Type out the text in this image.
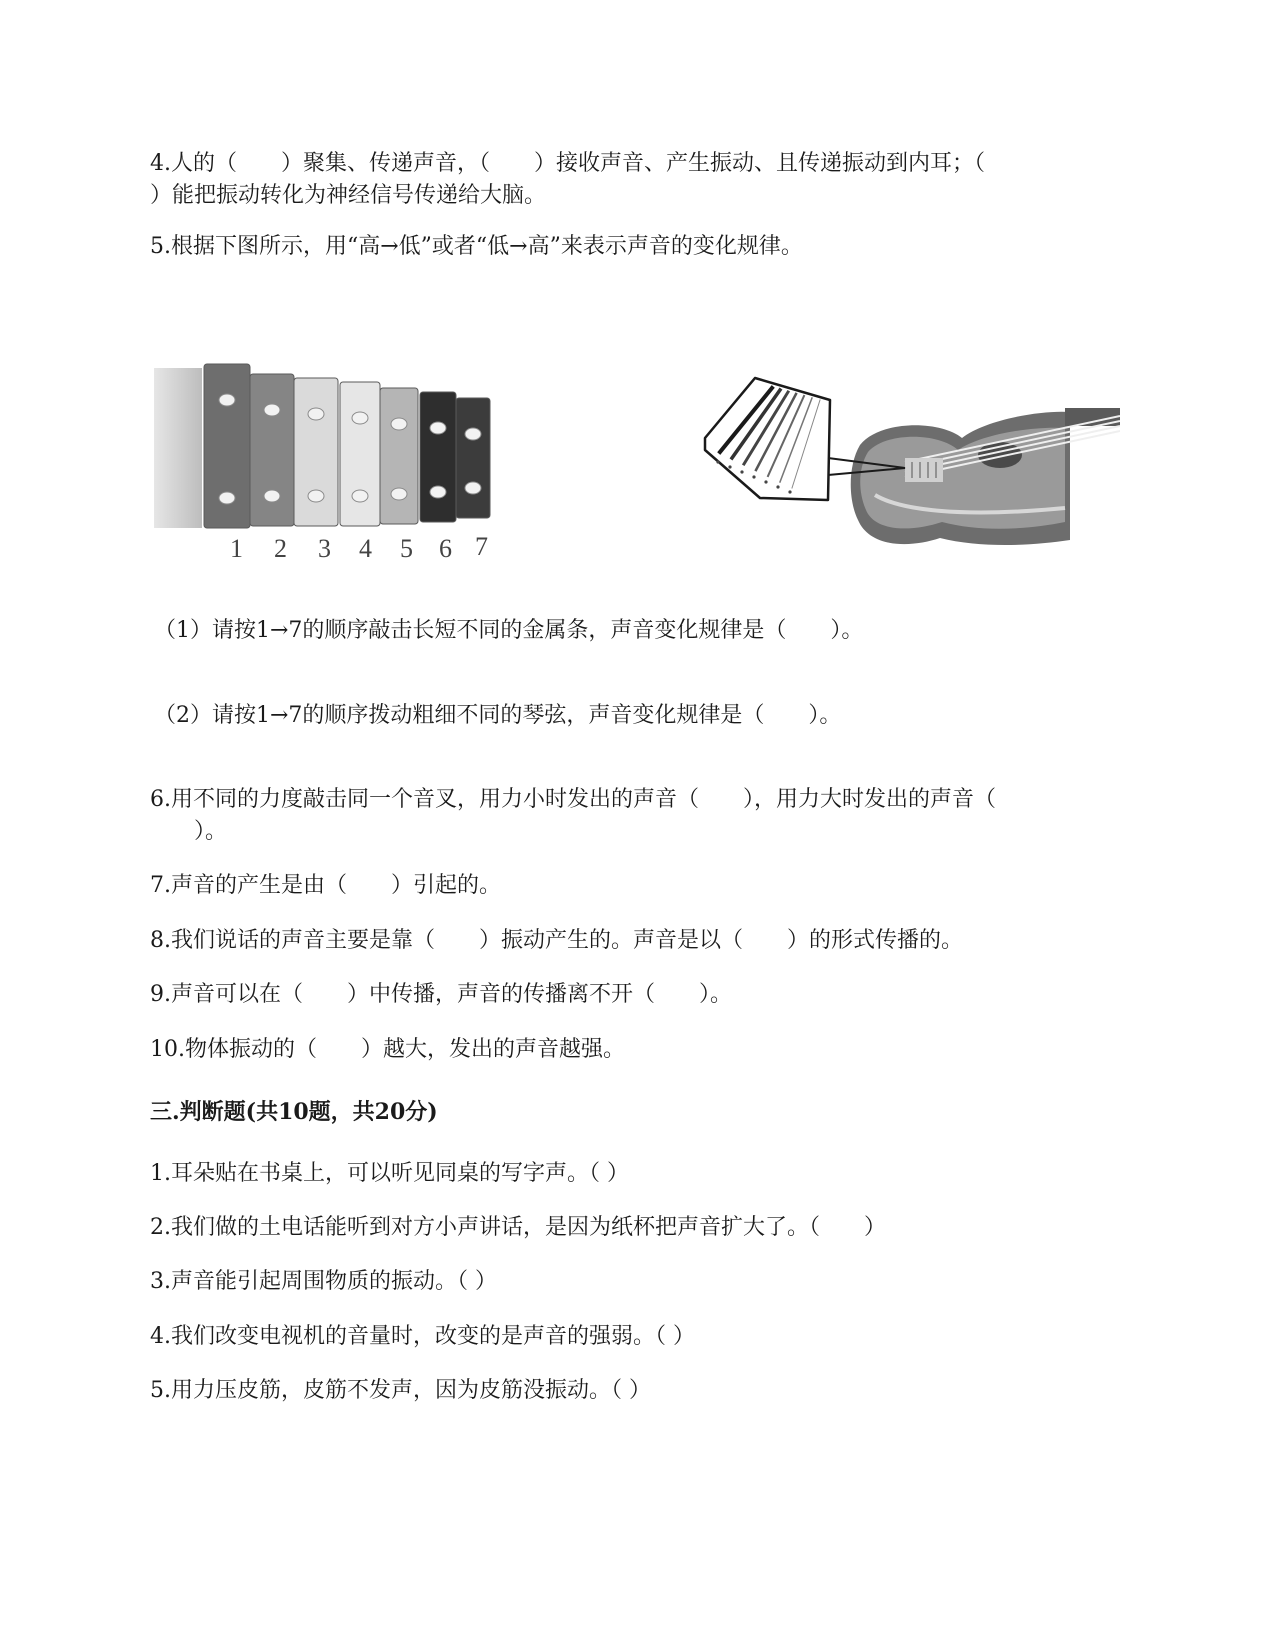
4.人的（　　）聚集、传递声音，（　　）接收声音、产生振动、且传递振动到内耳；（
）能把振动转化为神经信号传递给大脑。
5.根据下图所示，用“高→低”或者“低→高”来表示声音的变化规律。
1 2 3 4 5 6 7
（1）请按1→7的顺序敲击长短不同的金属条，声音变化规律是（　　）。
（2）请按1→7的顺序拨动粗细不同的琴弦，声音变化规律是（　　）。
6.用不同的力度敲击同一个音叉，用力小时发出的声音（　　），用力大时发出的声音（
　　）。
7.声音的产生是由（　　）引起的。
8.我们说话的声音主要是靠（　　）振动产生的。声音是以（　　）的形式传播的。
9.声音可以在（　　）中传播，声音的传播离不开（　　）。
10.物体振动的（　　）越大，发出的声音越强。
三.判断题(共10题，共20分)
1.耳朵贴在书桌上，可以听见同桌的写字声。（ ）
2.我们做的土电话能听到对方小声讲话，是因为纸杯把声音扩大了。（　　）
3.声音能引起周围物质的振动。（ ）
4.我们改变电视机的音量时，改变的是声音的强弱。（ ）
5.用力压皮筋，皮筋不发声，因为皮筋没振动。（ ）
